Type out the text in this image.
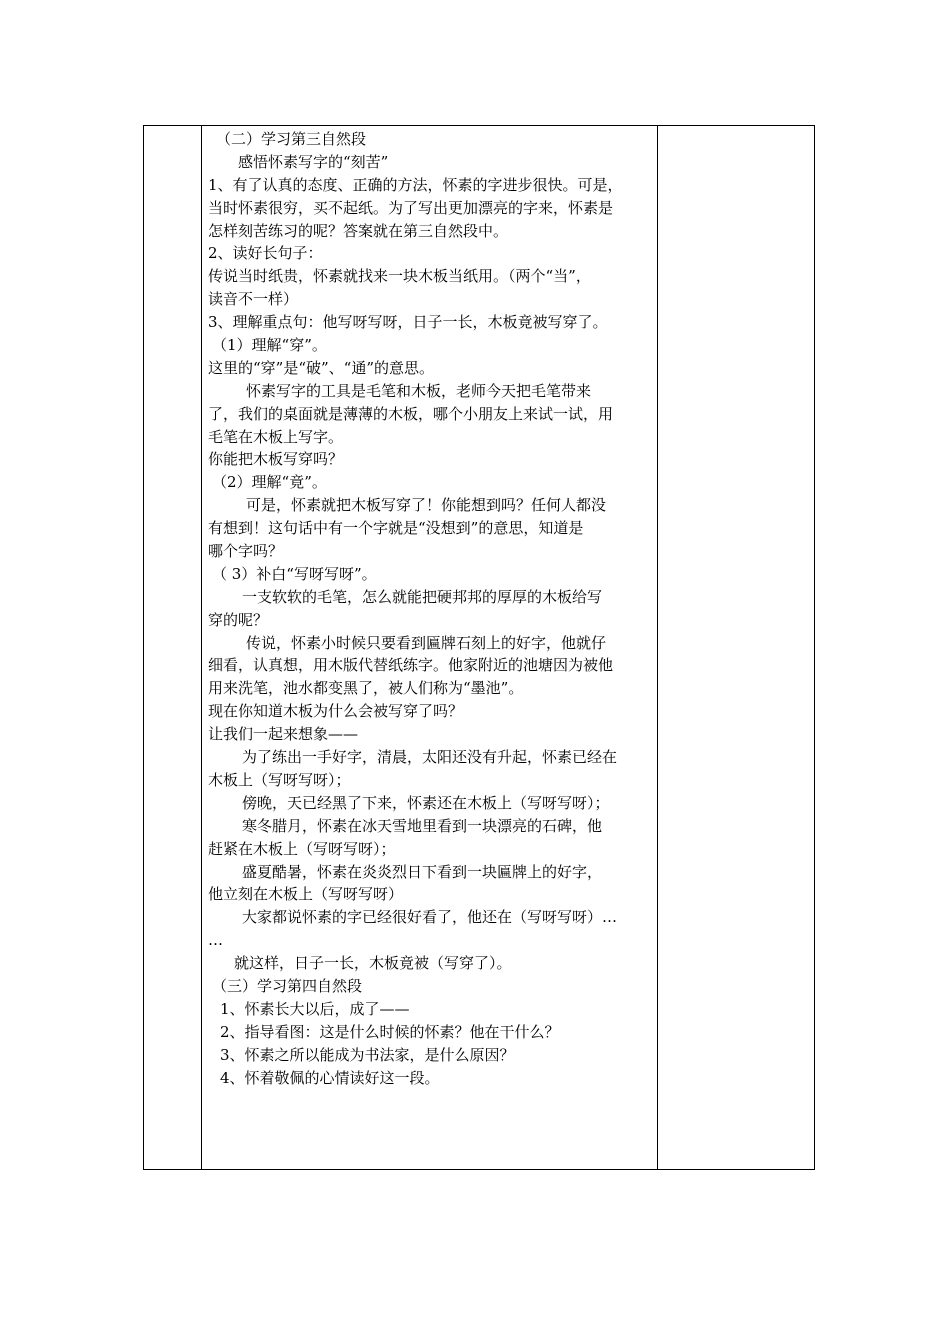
（二）学习第三自然段
感悟怀素写字的“刻苦”
1、有了认真的态度、正确的方法，怀素的字进步很快。可是，
当时怀素很穷，买不起纸。为了写出更加漂亮的字来，怀素是
怎样刻苦练习的呢？答案就在第三自然段中。
2、读好长句子：
传说当时纸贵，怀素就找来一块木板当纸用。（两个“当”，
读音不一样）
3、理解重点句：他写呀写呀，日子一长，木板竟被写穿了。
（1）理解“穿”。
这里的“穿”是“破”、“通”的意思。
怀素写字的工具是毛笔和木板，老师今天把毛笔带来
了，我们的桌面就是薄薄的木板，哪个小朋友上来试一试，用
毛笔在木板上写字。
你能把木板写穿吗？
（2）理解“竟”。
可是，怀素就把木板写穿了！你能想到吗？任何人都没
有想到！这句话中有一个字就是“没想到”的意思，知道是
哪个字吗？
（ 3）补白“写呀写呀”。
一支软软的毛笔，怎么就能把硬邦邦的厚厚的木板给写
穿的呢？
传说，怀素小时候只要看到匾牌石刻上的好字，他就仔
细看，认真想，用木版代替纸练字。他家附近的池塘因为被他
用来洗笔，池水都变黑了，被人们称为“墨池”。
现在你知道木板为什么会被写穿了吗？
让我们一起来想象——
为了练出一手好字，清晨，太阳还没有升起，怀素已经在
木板上（写呀写呀）；
傍晚，天已经黑了下来，怀素还在木板上（写呀写呀）；
寒冬腊月，怀素在冰天雪地里看到一块漂亮的石碑，他
赶紧在木板上（写呀写呀）；
盛夏酷暑，怀素在炎炎烈日下看到一块匾牌上的好字，
他立刻在木板上（写呀写呀）
大家都说怀素的字已经很好看了，他还在（写呀写呀）…
…
就这样，日子一长，木板竟被（写穿了）。
（三）学习第四自然段
1、怀素长大以后，成了——
2、指导看图：这是什么时候的怀素？他在干什么？
3、怀素之所以能成为书法家，是什么原因？
4、怀着敬佩的心情读好这一段。
